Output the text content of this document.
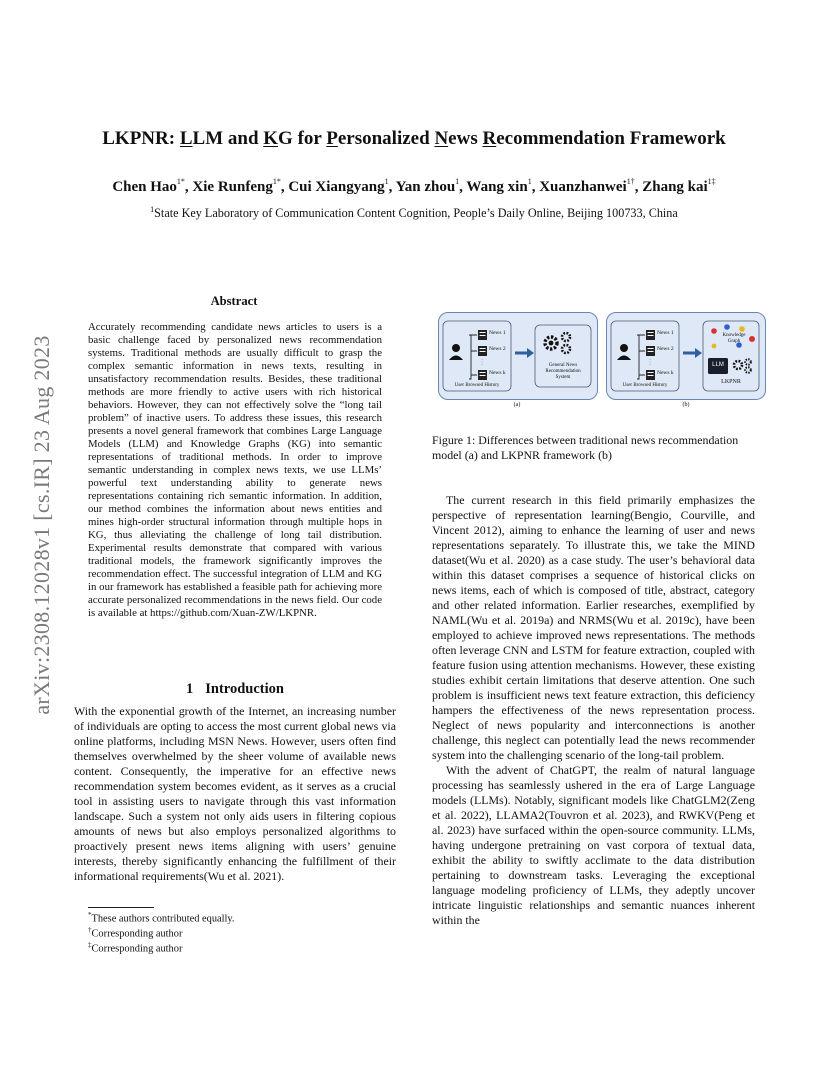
LKPNR: LLM and KG for Personalized News Recommendation Framework
Chen Hao$^{1*}$, Xie Runfeng$^{1*}$, Cui Xiangyang$^1$, Yan zhou$^1$, Wang xin$^1$, Xuanzhanwei$^{1\dagger}$, Zhang kai$^{1\ddagger}$
$^1$State Key Laboratory of Communication Content Cognition, People’s Daily Online, Beijing 100733, China
arXiv:2308.12028v1 [cs.IR] 23 Aug 2023
Abstract
Accurately recommending candidate news articles to users is a basic challenge faced by personalized news recommendation systems. Traditional methods are usually difficult to grasp the complex semantic information in news texts, resulting in unsatisfactory recommendation results. Besides, these traditional methods are more friendly to active users with rich historical behaviors. However, they can not effectively solve the “long tail problem” of inactive users. To address these issues, this research presents a novel general framework that combines Large Language Models (LLM) and Knowledge Graphs (KG) into semantic representations of traditional methods. In order to improve semantic understanding in complex news texts, we use LLMs’ powerful text understanding ability to generate news representations containing rich semantic information. In addition, our method combines the information about news entities and mines high-order structural information through multiple hops in KG, thus alleviating the challenge of long tail distribution. Experimental results demonstrate that compared with various traditional models, the framework significantly improves the recommendation effect. The successful integration of LLM and KG in our framework has established a feasible path for achieving more accurate personalized recommendations in the news field. Our code is available at https://github.com/Xuan-ZW/LKPNR.
1 Introduction

With the exponential growth of the Internet, an increasing number of individuals are opting to access the most current global news via online platforms, including MSN News. However, users often find themselves overwhelmed by the sheer volume of available news content. Consequently, the imperative for an effective news recommendation system becomes evident, as it serves as a crucial tool in assisting users to navigate through this vast information landscape. Such a system not only aids users in filtering copious amounts of news but also employs personalized algorithms to proactively present news items aligning with users’ genuine interests, thereby significantly enhancing the fulfillment of their informational requirements(Wu et al. 2021).

*These authors contributed equally.
†Corresponding author
‡Corresponding author
News 1
News 2
News k
User Browsed History
General News Recommendation System
(a)
News 1
News 2
News k
User Browsed History
Knowledge Graph
LLM
LKPNR
(b)
Figure 1: Differences between traditional news recommendation model (a) and LKPNR framework (b)

The current research in this field primarily emphasizes the perspective of representation learning(Bengio, Courville, and Vincent 2012), aiming to enhance the learning of user and news representations separately. To illustrate this, we take the MIND dataset(Wu et al. 2020) as a case study. The user’s behavioral data within this dataset comprises a sequence of historical clicks on news items, each of which is composed of title, abstract, category and other related information. Earlier researches, exemplified by NAML(Wu et al. 2019a) and NRMS(Wu et al. 2019c), have been employed to achieve improved news representations. The methods often leverage CNN and LSTM for feature extraction, coupled with feature fusion using attention mechanisms. However, these existing studies exhibit certain limitations that deserve attention. One such problem is insufficient news text feature extraction, this deficiency hampers the effectiveness of the news representation process. Neglect of news popularity and interconnections is another challenge, this neglect can potentially lead the news recommender system into the challenging scenario of the long-tail problem.

With the advent of ChatGPT, the realm of natural language processing has seamlessly ushered in the era of Large Language models (LLMs). Notably, significant models like ChatGLM2(Zeng et al. 2022), LLAMA2(Touvron et al. 2023), and RWKV(Peng et al. 2023) have surfaced within the open-source community. LLMs, having undergone pretraining on vast corpora of textual data, exhibit the ability to swiftly acclimate to the data distribution pertaining to downstream tasks. Leveraging the exceptional language modeling proficiency of LLMs, they adeptly uncover intricate linguistic relationships and semantic nuances inherent within the
